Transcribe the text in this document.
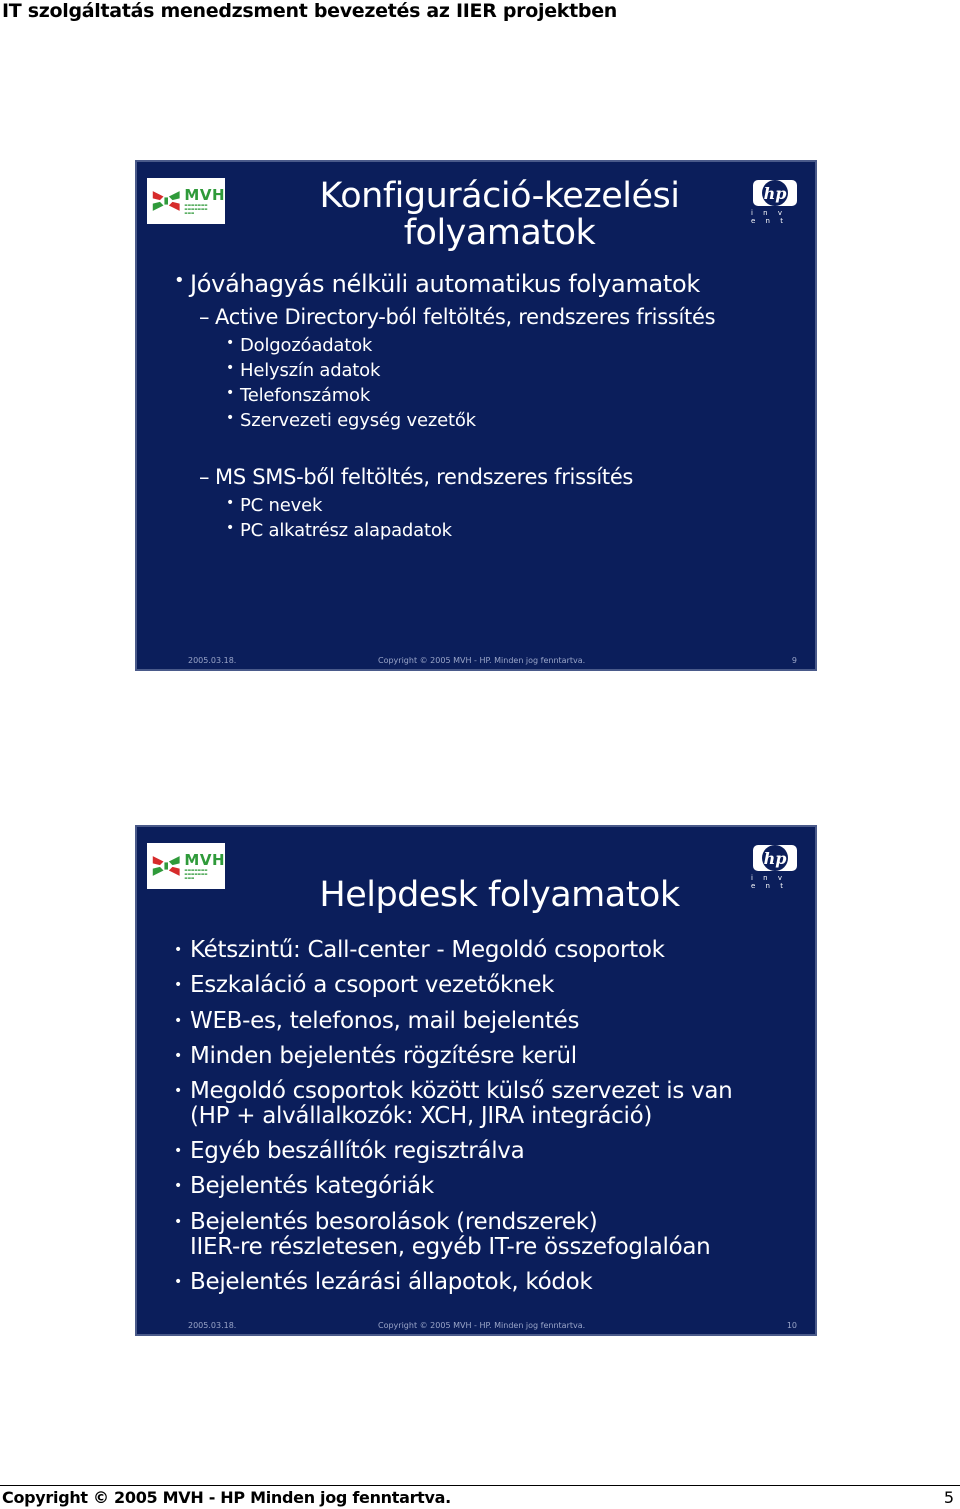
IT szolgáltatás menedzsment bevezetés az IIER projektben
MVH
▬▬▬▬▬▬▬
▬▬▬▬▬▬▬
▬▬▬
hp
i n v e n t
Konfiguráció-kezelési
folyamatok
• Jóváhagyás nélküli automatikus folyamatok
– Active Directory-ból feltöltés, rendszeres frissítés
• Dolgozóadatok
• Helyszín adatok
• Telefonszámok
• Szervezeti egység vezetők
– MS SMS-ből feltöltés, rendszeres frissítés
• PC nevek
• PC alkatrész alapadatok
2005.03.18.	Copyright © 2005 MVH - HP. Minden jog fenntartva.	9
MVH
▬▬▬▬▬▬▬
▬▬▬▬▬▬▬
▬▬▬
hp
i n v e n t
Helpdesk folyamatok
• Kétszintű: Call-center - Megoldó csoportok
• Eszkaláció a csoport vezetőknek
• WEB-es, telefonos, mail bejelentés
• Minden bejelentés rögzítésre kerül
• Megoldó csoportok között külső szervezet is van
(HP + alvállalkozók: XCH, JIRA integráció)
• Egyéb beszállítók regisztrálva
• Bejelentés kategóriák
• Bejelentés besorolások (rendszerek)
IIER-re részletesen, egyéb IT-re összefoglalóan
• Bejelentés lezárási állapotok, kódok
2005.03.18.	Copyright © 2005 MVH - HP. Minden jog fenntartva.	10
Copyright © 2005 MVH - HP Minden jog fenntartva.	5
